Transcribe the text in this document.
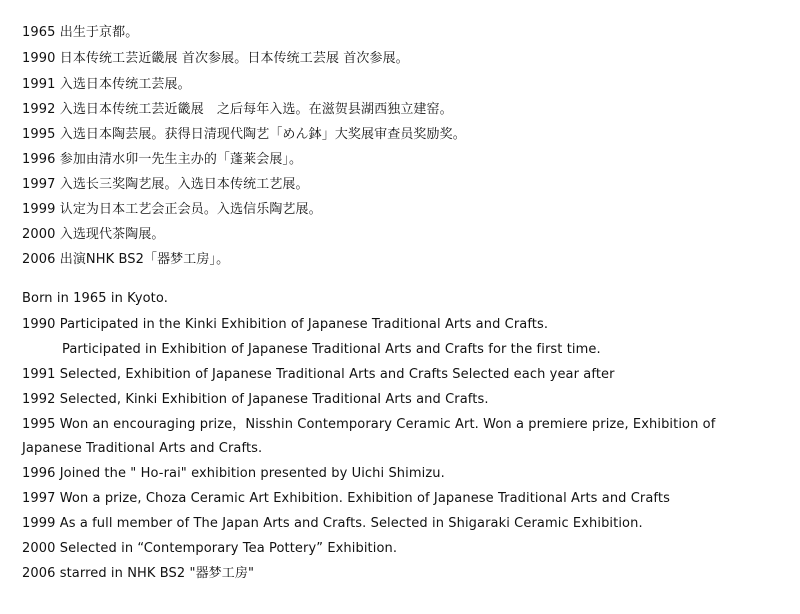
1965 出生于京都。
1990 日本传统工芸近畿展 首次参展。日本传统工芸展 首次参展。
1991 入选日本传统工芸展。
1992 入选日本传统工芸近畿展　之后每年入选。在滋贺县湖西独立建窑。
1995 入选日本陶芸展。获得日清现代陶艺「めん鉢」大奖展审查员奖励奖。
1996 参加由清水卯一先生主办的「蓬莱会展」。
1997 入选长三奖陶艺展。入选日本传统工艺展。
1999 认定为日本工艺会正会员。入选信乐陶艺展。
2000 入选现代茶陶展。
2006 出演NHK BS2「器梦工房」。
Born in 1965 in Kyoto.
1990 Participated in the Kinki Exhibition of Japanese Traditional Arts and Crafts.
Participated in Exhibition of Japanese Traditional Arts and Crafts for the first time.
1991 Selected, Exhibition of Japanese Traditional Arts and Crafts Selected each year after
1992 Selected, Kinki Exhibition of Japanese Traditional Arts and Crafts.
1995 Won an encouraging prize，Nisshin Contemporary Ceramic Art. Won a premiere prize, Exhibition of
Japanese Traditional Arts and Crafts.
1996 Joined the " Ho-rai" exhibition presented by Uichi Shimizu.
1997 Won a prize, Choza Ceramic Art Exhibition. Exhibition of Japanese Traditional Arts and Crafts
1999 As a full member of The Japan Arts and Crafts. Selected in Shigaraki Ceramic Exhibition.
2000 Selected in “Contemporary Tea Pottery” Exhibition.
2006 starred in NHK BS2 "器梦工房"
